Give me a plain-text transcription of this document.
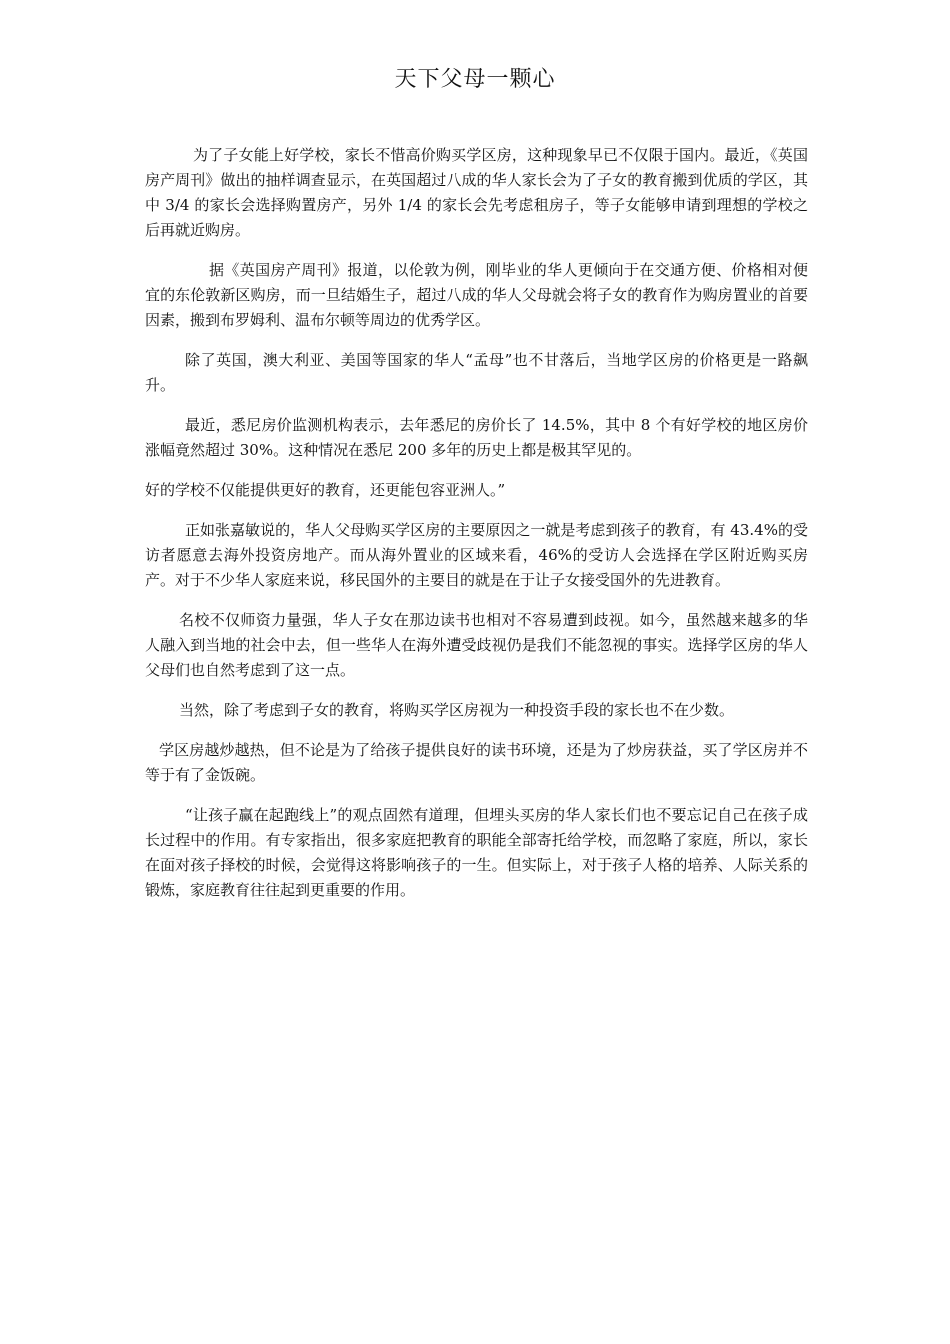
天下父母一颗心

为了子女能上好学校，家长不惜高价购买学区房，这种现象早已不仅限于国内。最近，《英国房产周刊》做出的抽样调查显示，在英国超过八成的华人家长会为了子女的教育搬到优质的学区，其中 3/4 的家长会选择购置房产，另外 1/4 的家长会先考虑租房子，等子女能够申请到理想的学校之后再就近购房。

据《英国房产周刊》报道，以伦敦为例，刚毕业的华人更倾向于在交通方便、价格相对便宜的东伦敦新区购房，而一旦结婚生子，超过八成的华人父母就会将子女的教育作为购房置业的首要因素，搬到布罗姆利、温布尔顿等周边的优秀学区。

除了英国，澳大利亚、美国等国家的华人“孟母”也不甘落后，当地学区房的价格更是一路飙升。

最近，悉尼房价监测机构表示，去年悉尼的房价长了 14.5%，其中 8 个有好学校的地区房价涨幅竟然超过 30%。这种情况在悉尼 200 多年的历史上都是极其罕见的。

好的学校不仅能提供更好的教育，还更能包容亚洲人。”

正如张嘉敏说的，华人父母购买学区房的主要原因之一就是考虑到孩子的教育，有 43.4%的受访者愿意去海外投资房地产。而从海外置业的区域来看，46%的受访人会选择在学区附近购买房产。对于不少华人家庭来说，移民国外的主要目的就是在于让子女接受国外的先进教育。

名校不仅师资力量强，华人子女在那边读书也相对不容易遭到歧视。如今，虽然越来越多的华人融入到当地的社会中去，但一些华人在海外遭受歧视仍是我们不能忽视的事实。选择学区房的华人父母们也自然考虑到了这一点。

当然，除了考虑到子女的教育，将购买学区房视为一种投资手段的家长也不在少数。

学区房越炒越热，但不论是为了给孩子提供良好的读书环境，还是为了炒房获益，买了学区房并不等于有了金饭碗。

“让孩子赢在起跑线上”的观点固然有道理，但埋头买房的华人家长们也不要忘记自己在孩子成长过程中的作用。有专家指出，很多家庭把教育的职能全部寄托给学校，而忽略了家庭，所以，家长在面对孩子择校的时候，会觉得这将影响孩子的一生。但实际上，对于孩子人格的培养、人际关系的锻炼，家庭教育往往起到更重要的作用。
